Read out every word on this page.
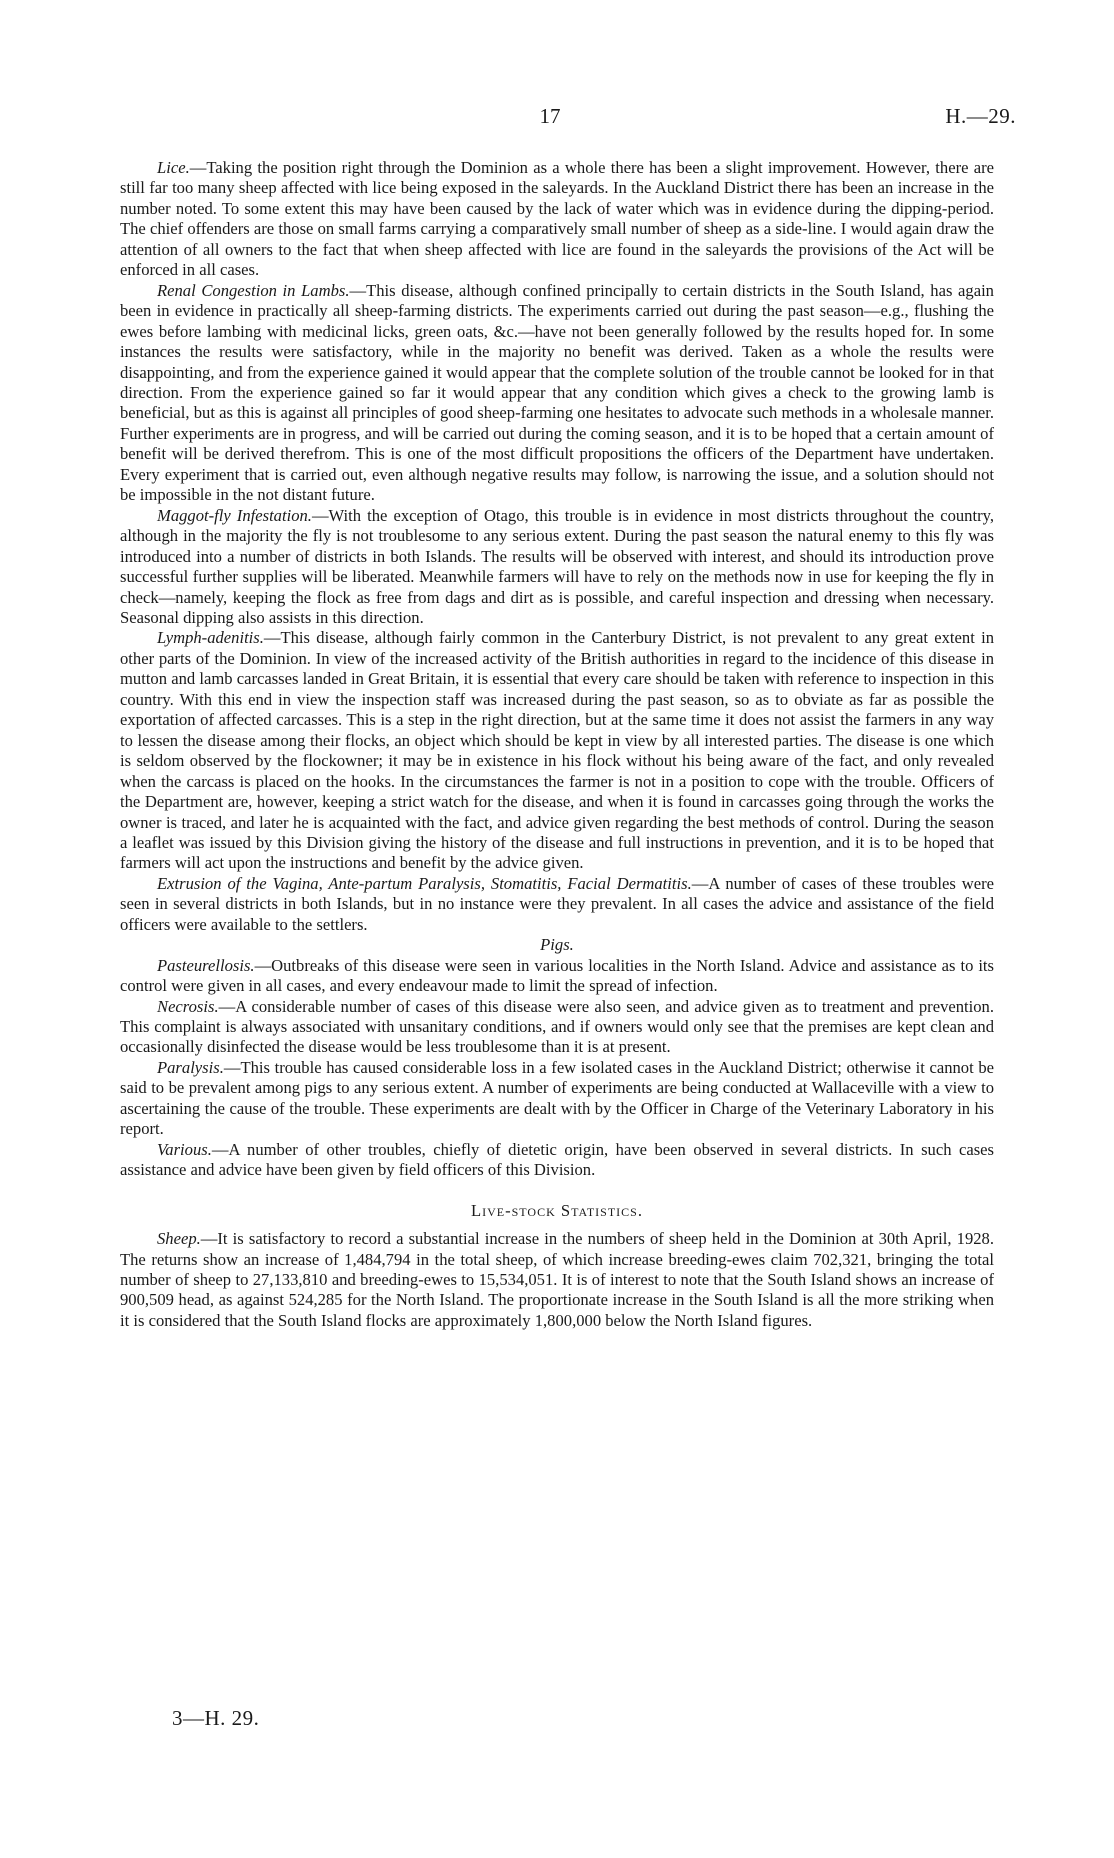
17	H.—29.

Lice.—Taking the position right through the Dominion as a whole there has been a slight improvement. However, there are still far too many sheep affected with lice being exposed in the saleyards. In the Auckland District there has been an increase in the number noted. To some extent this may have been caused by the lack of water which was in evidence during the dipping-period. The chief offenders are those on small farms carrying a comparatively small number of sheep as a side-line. I would again draw the attention of all owners to the fact that when sheep affected with lice are found in the saleyards the provisions of the Act will be enforced in all cases.

Renal Congestion in Lambs.—This disease, although confined principally to certain districts in the South Island, has again been in evidence in practically all sheep-farming districts. The experiments carried out during the past season—e.g., flushing the ewes before lambing with medicinal licks, green oats, &c.—have not been generally followed by the results hoped for. In some instances the results were satisfactory, while in the majority no benefit was derived. Taken as a whole the results were disappointing, and from the experience gained it would appear that the complete solution of the trouble cannot be looked for in that direction. From the experience gained so far it would appear that any condition which gives a check to the growing lamb is beneficial, but as this is against all principles of good sheep-farming one hesitates to advocate such methods in a wholesale manner. Further experiments are in progress, and will be carried out during the coming season, and it is to be hoped that a certain amount of benefit will be derived therefrom. This is one of the most difficult propositions the officers of the Department have undertaken. Every experiment that is carried out, even although negative results may follow, is narrowing the issue, and a solution should not be impossible in the not distant future.

Maggot-fly Infestation.—With the exception of Otago, this trouble is in evidence in most districts throughout the country, although in the majority the fly is not troublesome to any serious extent. During the past season the natural enemy to this fly was introduced into a number of districts in both Islands. The results will be observed with interest, and should its introduction prove successful further supplies will be liberated. Meanwhile farmers will have to rely on the methods now in use for keeping the fly in check—namely, keeping the flock as free from dags and dirt as is possible, and careful inspection and dressing when necessary. Seasonal dipping also assists in this direction.

Lymph-adenitis.—This disease, although fairly common in the Canterbury District, is not prevalent to any great extent in other parts of the Dominion. In view of the increased activity of the British authorities in regard to the incidence of this disease in mutton and lamb carcasses landed in Great Britain, it is essential that every care should be taken with reference to inspection in this country. With this end in view the inspection staff was increased during the past season, so as to obviate as far as possible the exportation of affected carcasses. This is a step in the right direction, but at the same time it does not assist the farmers in any way to lessen the disease among their flocks, an object which should be kept in view by all interested parties. The disease is one which is seldom observed by the flockowner; it may be in existence in his flock without his being aware of the fact, and only revealed when the carcass is placed on the hooks. In the circumstances the farmer is not in a position to cope with the trouble. Officers of the Department are, however, keeping a strict watch for the disease, and when it is found in carcasses going through the works the owner is traced, and later he is acquainted with the fact, and advice given regarding the best methods of control. During the season a leaflet was issued by this Division giving the history of the disease and full instructions in prevention, and it is to be hoped that farmers will act upon the instructions and benefit by the advice given.

Extrusion of the Vagina, Ante-partum Paralysis, Stomatitis, Facial Dermatitis.—A number of cases of these troubles were seen in several districts in both Islands, but in no instance were they prevalent. In all cases the advice and assistance of the field officers were available to the settlers.

Pigs.

Pasteurellosis.—Outbreaks of this disease were seen in various localities in the North Island. Advice and assistance as to its control were given in all cases, and every endeavour made to limit the spread of infection.

Necrosis.—A considerable number of cases of this disease were also seen, and advice given as to treatment and prevention. This complaint is always associated with unsanitary conditions, and if owners would only see that the premises are kept clean and occasionally disinfected the disease would be less troublesome than it is at present.

Paralysis.—This trouble has caused considerable loss in a few isolated cases in the Auckland District; otherwise it cannot be said to be prevalent among pigs to any serious extent. A number of experiments are being conducted at Wallaceville with a view to ascertaining the cause of the trouble. These experiments are dealt with by the Officer in Charge of the Veterinary Laboratory in his report.

Various.—A number of other troubles, chiefly of dietetic origin, have been observed in several districts. In such cases assistance and advice have been given by field officers of this Division.

Live-stock Statistics.

Sheep.—It is satisfactory to record a substantial increase in the numbers of sheep held in the Dominion at 30th April, 1928. The returns show an increase of 1,484,794 in the total sheep, of which increase breeding-ewes claim 702,321, bringing the total number of sheep to 27,133,810 and breeding-ewes to 15,534,051. It is of interest to note that the South Island shows an increase of 900,509 head, as against 524,285 for the North Island. The proportionate increase in the South Island is all the more striking when it is considered that the South Island flocks are approximately 1,800,000 below the North Island figures.

3—H. 29.
